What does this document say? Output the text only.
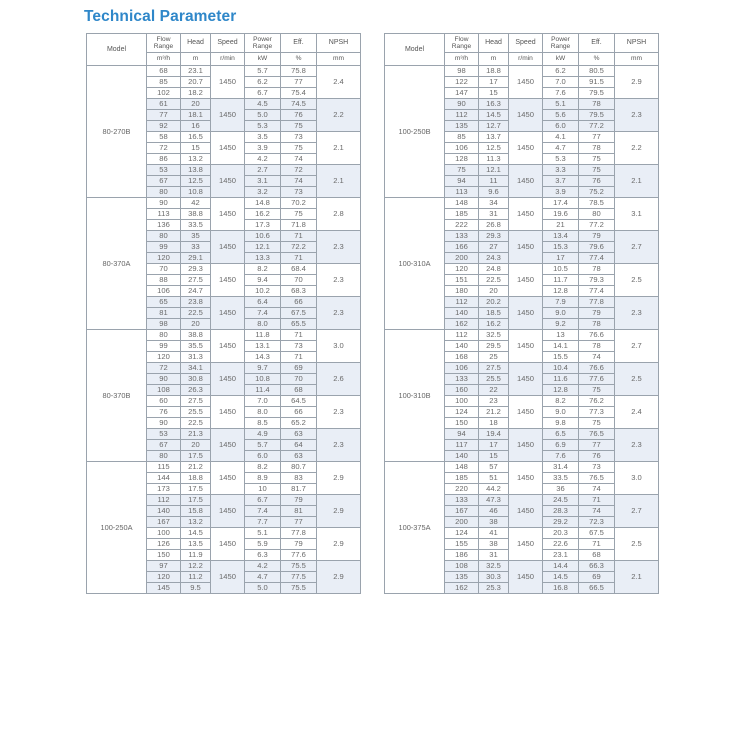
Technical Parameter
Model	Flow
Range	Head	Speed	Power
Range	Eff.	NPSH
	m³/h	m	r/min	kW	%	mm
80-270B	68	23.1	1450	5.7	75.8	2.4
	85	20.7		6.2	77	
	102	18.2		6.7	75.4	
	61	20	1450	4.5	74.5	2.2
	77	18.1		5.0	76	
	92	16		5.3	75	
	58	16.5	1450	3.5	73	2.1
	72	15		3.9	75	
	86	13.2		4.2	74	
	53	13.8	1450	2.7	72	2.1
	67	12.5		3.1	74	
	80	10.8		3.2	73	
80-370A	90	42	1450	14.8	70.2	2.8
	113	38.8		16.2	75	
	136	33.5		17.3	71.8	
	80	35	1450	10.6	71	2.3
	99	33		12.1	72.2	
	120	29.1		13.3	71	
	70	29.3	1450	8.2	68.4	2.3
	88	27.5		9.4	70	
	106	24.7		10.2	68.3	
	65	23.8	1450	6.4	66	2.3
	81	22.5		7.4	67.5	
	98	20		8.0	65.5	
80-370B	80	38.8	1450	11.8	71	3.0
	99	35.5		13.1	73	
	120	31.3		14.3	71	
	72	34.1	1450	9.7	69	2.6
	90	30.8		10.8	70	
	108	26.3		11.4	68	
	60	27.5	1450	7.0	64.5	2.3
	76	25.5		8.0	66	
	90	22.5		8.5	65.2	
	53	21.3	1450	4.9	63	2.3
	67	20		5.7	64	
	80	17.5		6.0	63	
100-250A	115	21.2	1450	8.2	80.7	2.9
	144	18.8		8.9	83	
	173	17.5		10	81.7	
	112	17.5	1450	6.7	79	2.9
	140	15.8		7.4	81	
	167	13.2		7.7	77	
	100	14.5	1450	5.1	77.8	2.9
	126	13.5		5.9	79	
	150	11.9		6.3	77.6	
	97	12.2	1450	4.2	75.5	2.9
	120	11.2		4.7	77.5	
	145	9.5		5.0	75.5	
Model	Flow
Range	Head	Speed	Power
Range	Eff.	NPSH
	m³/h	m	r/min	kW	%	mm
100-250B	98	18.8	1450	6.2	80.5	2.9
	122	17		7.0	91.5	
	147	15		7.6	79.5	
	90	16.3	1450	5.1	78	2.3
	112	14.5		5.6	79.5	
	135	12.7		6.0	77.2	
	85	13.7	1450	4.1	77	2.2
	106	12.5		4.7	78	
	128	11.3		5.3	75	
	75	12.1	1450	3.3	75	2.1
	94	11		3.7	76	
	113	9.6		3.9	75.2	
100-310A	148	34	1450	17.4	78.5	3.1
	185	31		19.6	80	
	222	26.8		21	77.2	
	133	29.3	1450	13.4	79	2.7
	166	27		15.3	79.6	
	200	24.3		17	77.4	
	120	24.8	1450	10.5	78	2.5
	151	22.5		11.7	79.3	
	180	20		12.8	77.4	
	112	20.2	1450	7.9	77.8	2.3
	140	18.5		9.0	79	
	162	16.2		9.2	78	
100-310B	112	32.5	1450	13	76.6	2.7
	140	29.5		14.1	78	
	168	25		15.5	74	
	106	27.5	1450	10.4	76.6	2.5
	133	25.5		11.6	77.6	
	160	22		12.8	75	
	100	23	1450	8.2	76.2	2.4
	124	21.2		9.0	77.3	
	150	18		9.8	75	
	94	19.4	1450	6.5	76.5	2.3
	117	17		6.9	77	
	140	15		7.6	76	
100-375A	148	57	1450	31.4	73	3.0
	185	51		33.5	76.5	
	220	44.2		36	74	
	133	47.3	1450	24.5	71	2.7
	167	46		28.3	74	
	200	38		29.2	72.3	
	124	41	1450	20.3	67.5	2.5
	155	38		22.6	71	
	186	31		23.1	68	
	108	32.5	1450	14.4	66.3	2.1
	135	30.3		14.5	69	
	162	25.3		16.8	66.5	
